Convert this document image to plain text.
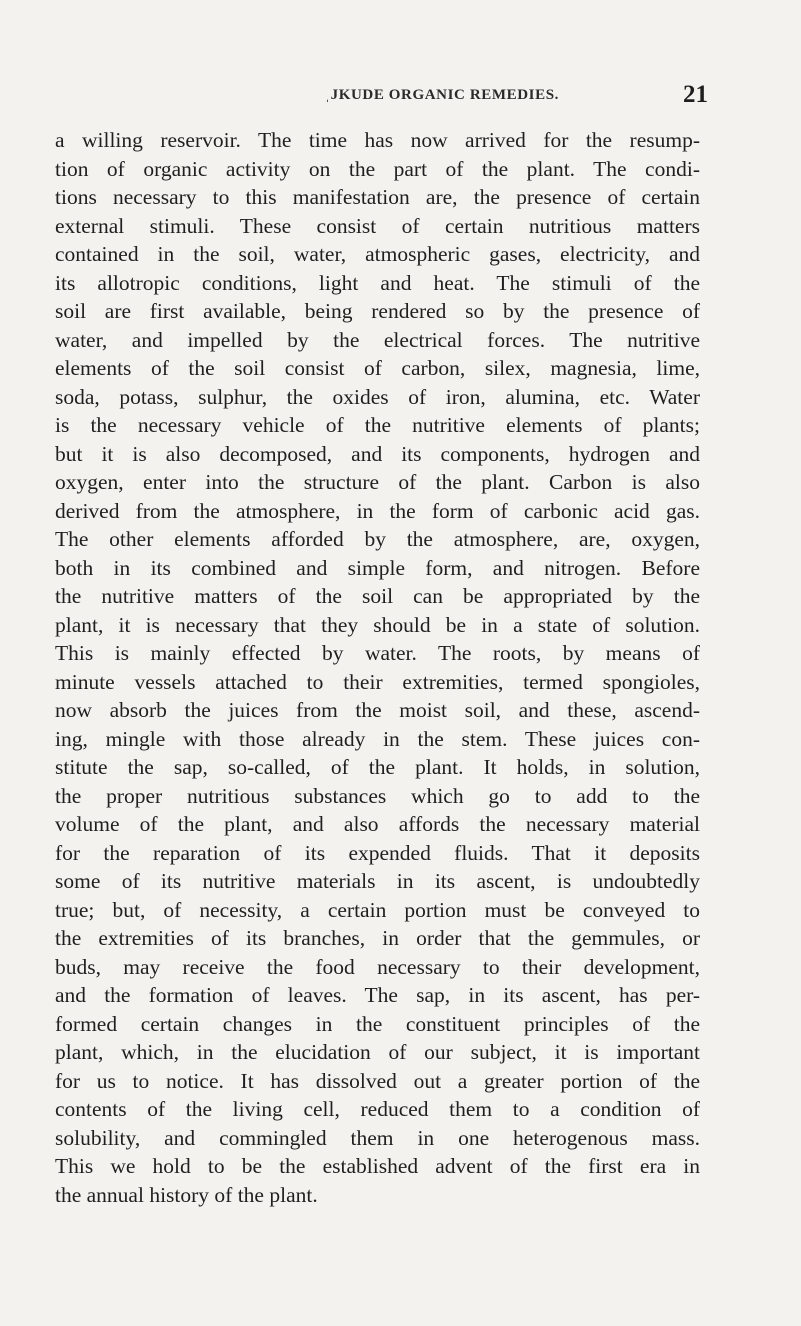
ˌJKUDE ORGANIC REMEDIES.	21
a willing reservoir. The time has now arrived for the resump-
tion of organic activity on the part of the plant. The condi-
tions necessary to this manifestation are, the presence of certain
external stimuli. These consist of certain nutritious matters
contained in the soil, water, atmospheric gases, electricity, and
its allotropic conditions, light and heat. The stimuli of the
soil are first available, being rendered so by the presence of
water, and impelled by the electrical forces. The nutritive
elements of the soil consist of carbon, silex, magnesia, lime,
soda, potass, sulphur, the oxides of iron, alumina, etc. Water
is the necessary vehicle of the nutritive elements of plants;
but it is also decomposed, and its components, hydrogen and
oxygen, enter into the structure of the plant. Carbon is also
derived from the atmosphere, in the form of carbonic acid gas.
The other elements afforded by the atmosphere, are, oxygen,
both in its combined and simple form, and nitrogen. Before
the nutritive matters of the soil can be appropriated by the
plant, it is necessary that they should be in a state of solution.
This is mainly effected by water. The roots, by means of
minute vessels attached to their extremities, termed spongioles,
now absorb the juices from the moist soil, and these, ascend-
ing, mingle with those already in the stem. These juices con-
stitute the sap, so-called, of the plant. It holds, in solution,
the proper nutritious substances which go to add to the
volume of the plant, and also affords the necessary material
for the reparation of its expended fluids. That it deposits
some of its nutritive materials in its ascent, is undoubtedly
true; but, of necessity, a certain portion must be conveyed to
the extremities of its branches, in order that the gemmules, or
buds, may receive the food necessary to their development,
and the formation of leaves. The sap, in its ascent, has per-
formed certain changes in the constituent principles of the
plant, which, in the elucidation of our subject, it is important
for us to notice. It has dissolved out a greater portion of the
contents of the living cell, reduced them to a condition of
solubility, and commingled them in one heterogenous mass.
This we hold to be the established advent of the first era in
the annual history of the plant.
